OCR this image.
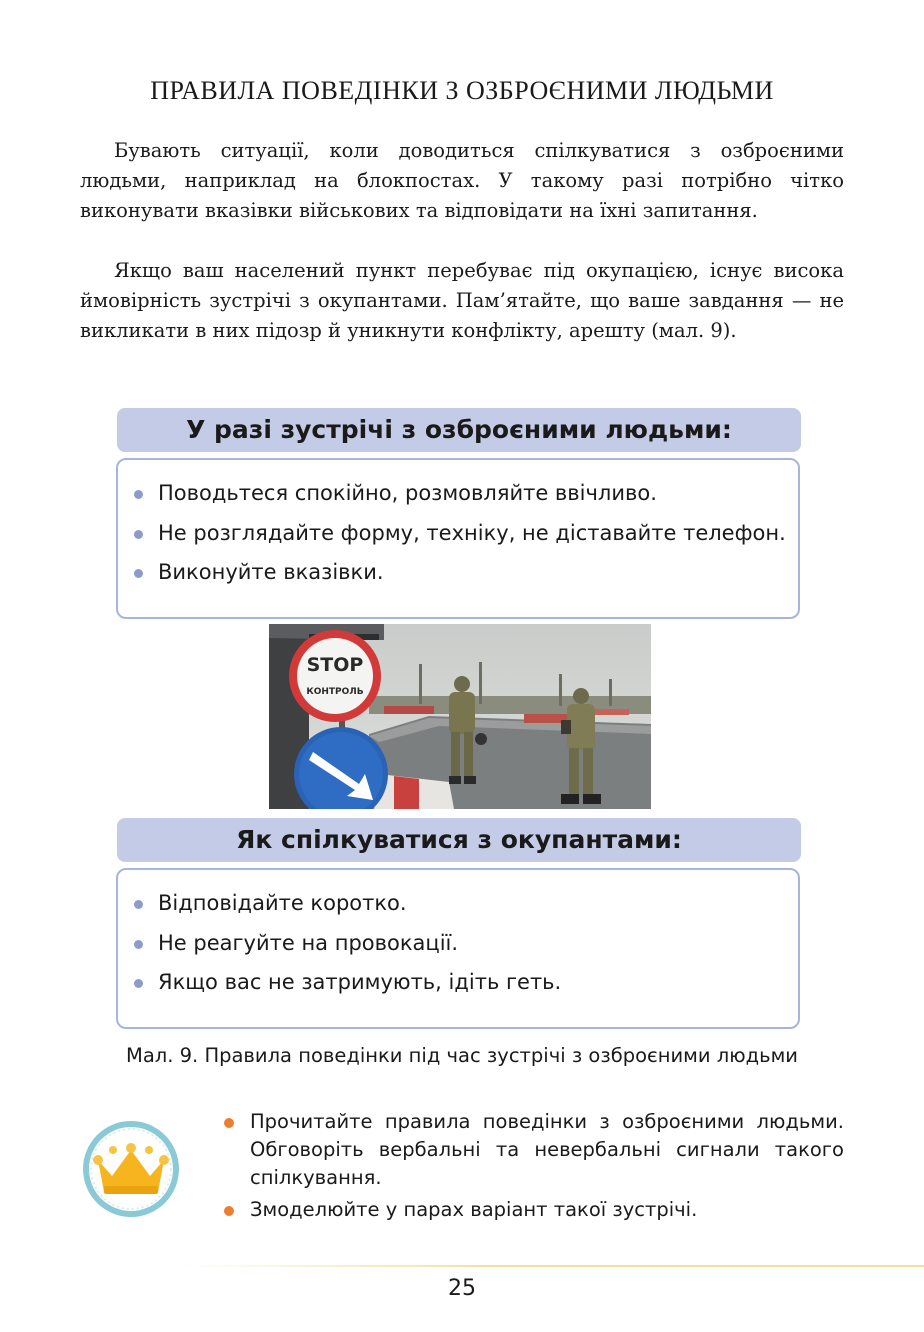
ПРАВИЛА ПОВЕДІНКИ З ОЗБРОЄНИМИ ЛЮДЬМИ

Бувають ситуації, коли доводиться спілкуватися з озброєними людьми, наприклад на блокпостах. У такому разі потрібно чітко виконувати вказівки військових та відповідати на їхні запитання.

Якщо ваш населений пункт перебуває під окупацією, існує висока ймовірність зустрічі з окупантами. Пам’ятайте, що ваше завдання — не викликати в них підозр й уникнути конфлікту, арешту (мал. 9).

У разі зустрічі з озброєними людьми:
Поводьтеся спокійно, розмовляйте ввічливо.
Не розглядайте форму, техніку, не діставайте телефон.
Виконуйте вказівки.
STOP
КОНТРОЛЬ
Як спілкуватися з окупантами:
Відповідайте коротко.
Не реагуйте на провокації.
Якщо вас не затримують, ідіть геть.
Мал. 9. Правила поведінки під час зустрічі з озброєними людьми
Прочитайте правила поведінки з озброєними людьми. Обговоріть вербальні та невербальні сигнали такого спілкування.
Змоделюйте у парах варіант такої зустрічі.
25
